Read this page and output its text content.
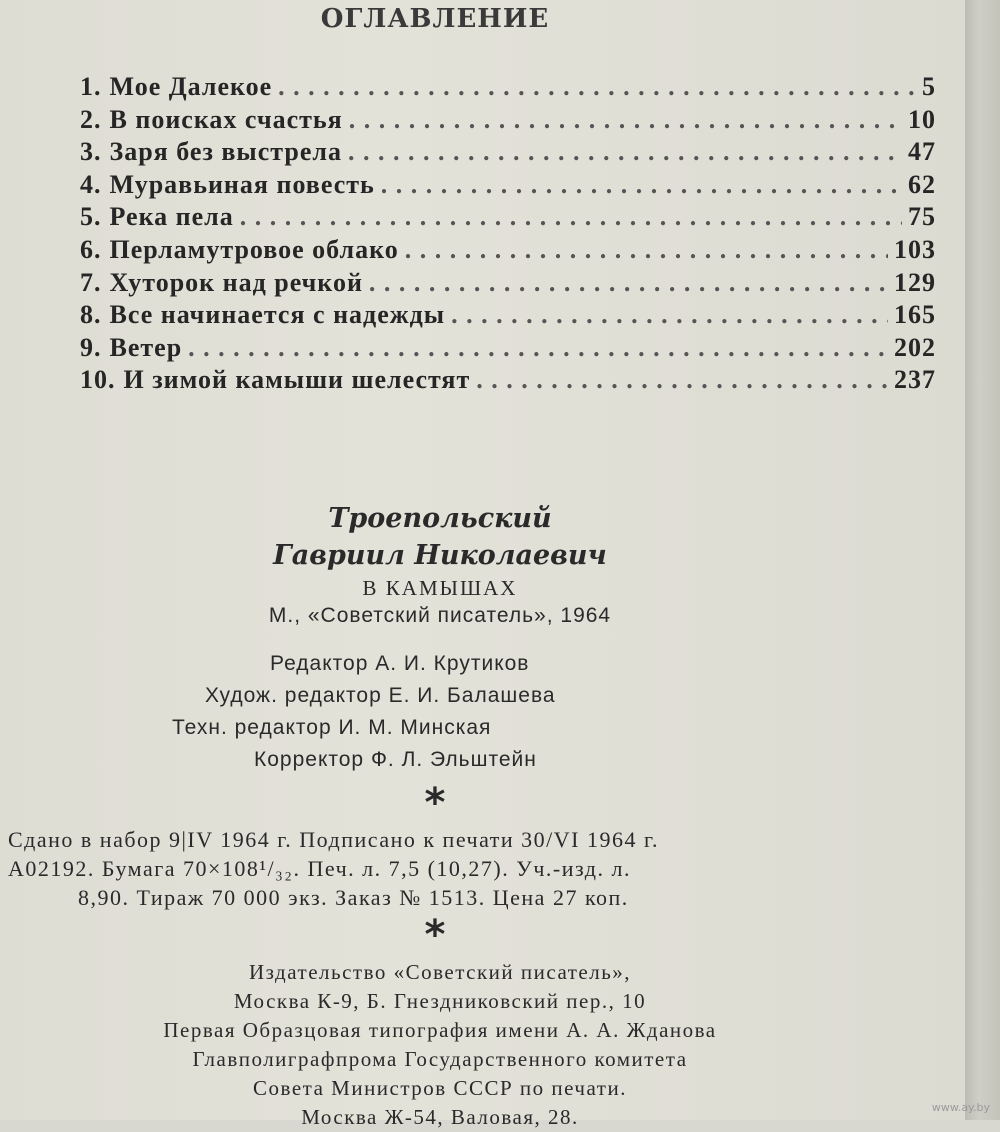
ОГЛАВЛЕНИЕ
1. Мое Далекое . . .	5
2. В поисках счастья . . .	10
3. Заря без выстрела . . .	47
4. Муравьиная повесть . . .	62
5. Река пела . . .	75
6. Перламутровое облако . . .	103
7. Хуторок над речкой . . .	129
8. Все начинается с надежды . . .	165
9. Ветер . . .	202
10. И зимой камыши шелестят . . .	237
Троепольский
Гавриил Николаевич
В КАМЫШАХ
М., «Советский писатель», 1964
Редактор А. И. Крутиков
Худож. редактор Е. И. Балашева
Техн. редактор И. М. Минская
Корректор Ф. Л. Эльштейн
*
Сдано в набор 9|IV 1964 г. Подписано к печати 30/VI 1964 г.
А02192. Бумага 70×108¹/₃₂. Печ. л. 7,5 (10,27). Уч.-изд. л.
8,90. Тираж 70 000 экз. Заказ № 1513. Цена 27 коп.
*
Издательство «Советский писатель»,
Москва К-9, Б. Гнездниковский пер., 10
Первая Образцовая типография имени А. А. Жданова
Главполиграфпрома Государственного комитета
Совета Министров СССР по печати.
Москва Ж-54, Валовая, 28.	www.ay.by
